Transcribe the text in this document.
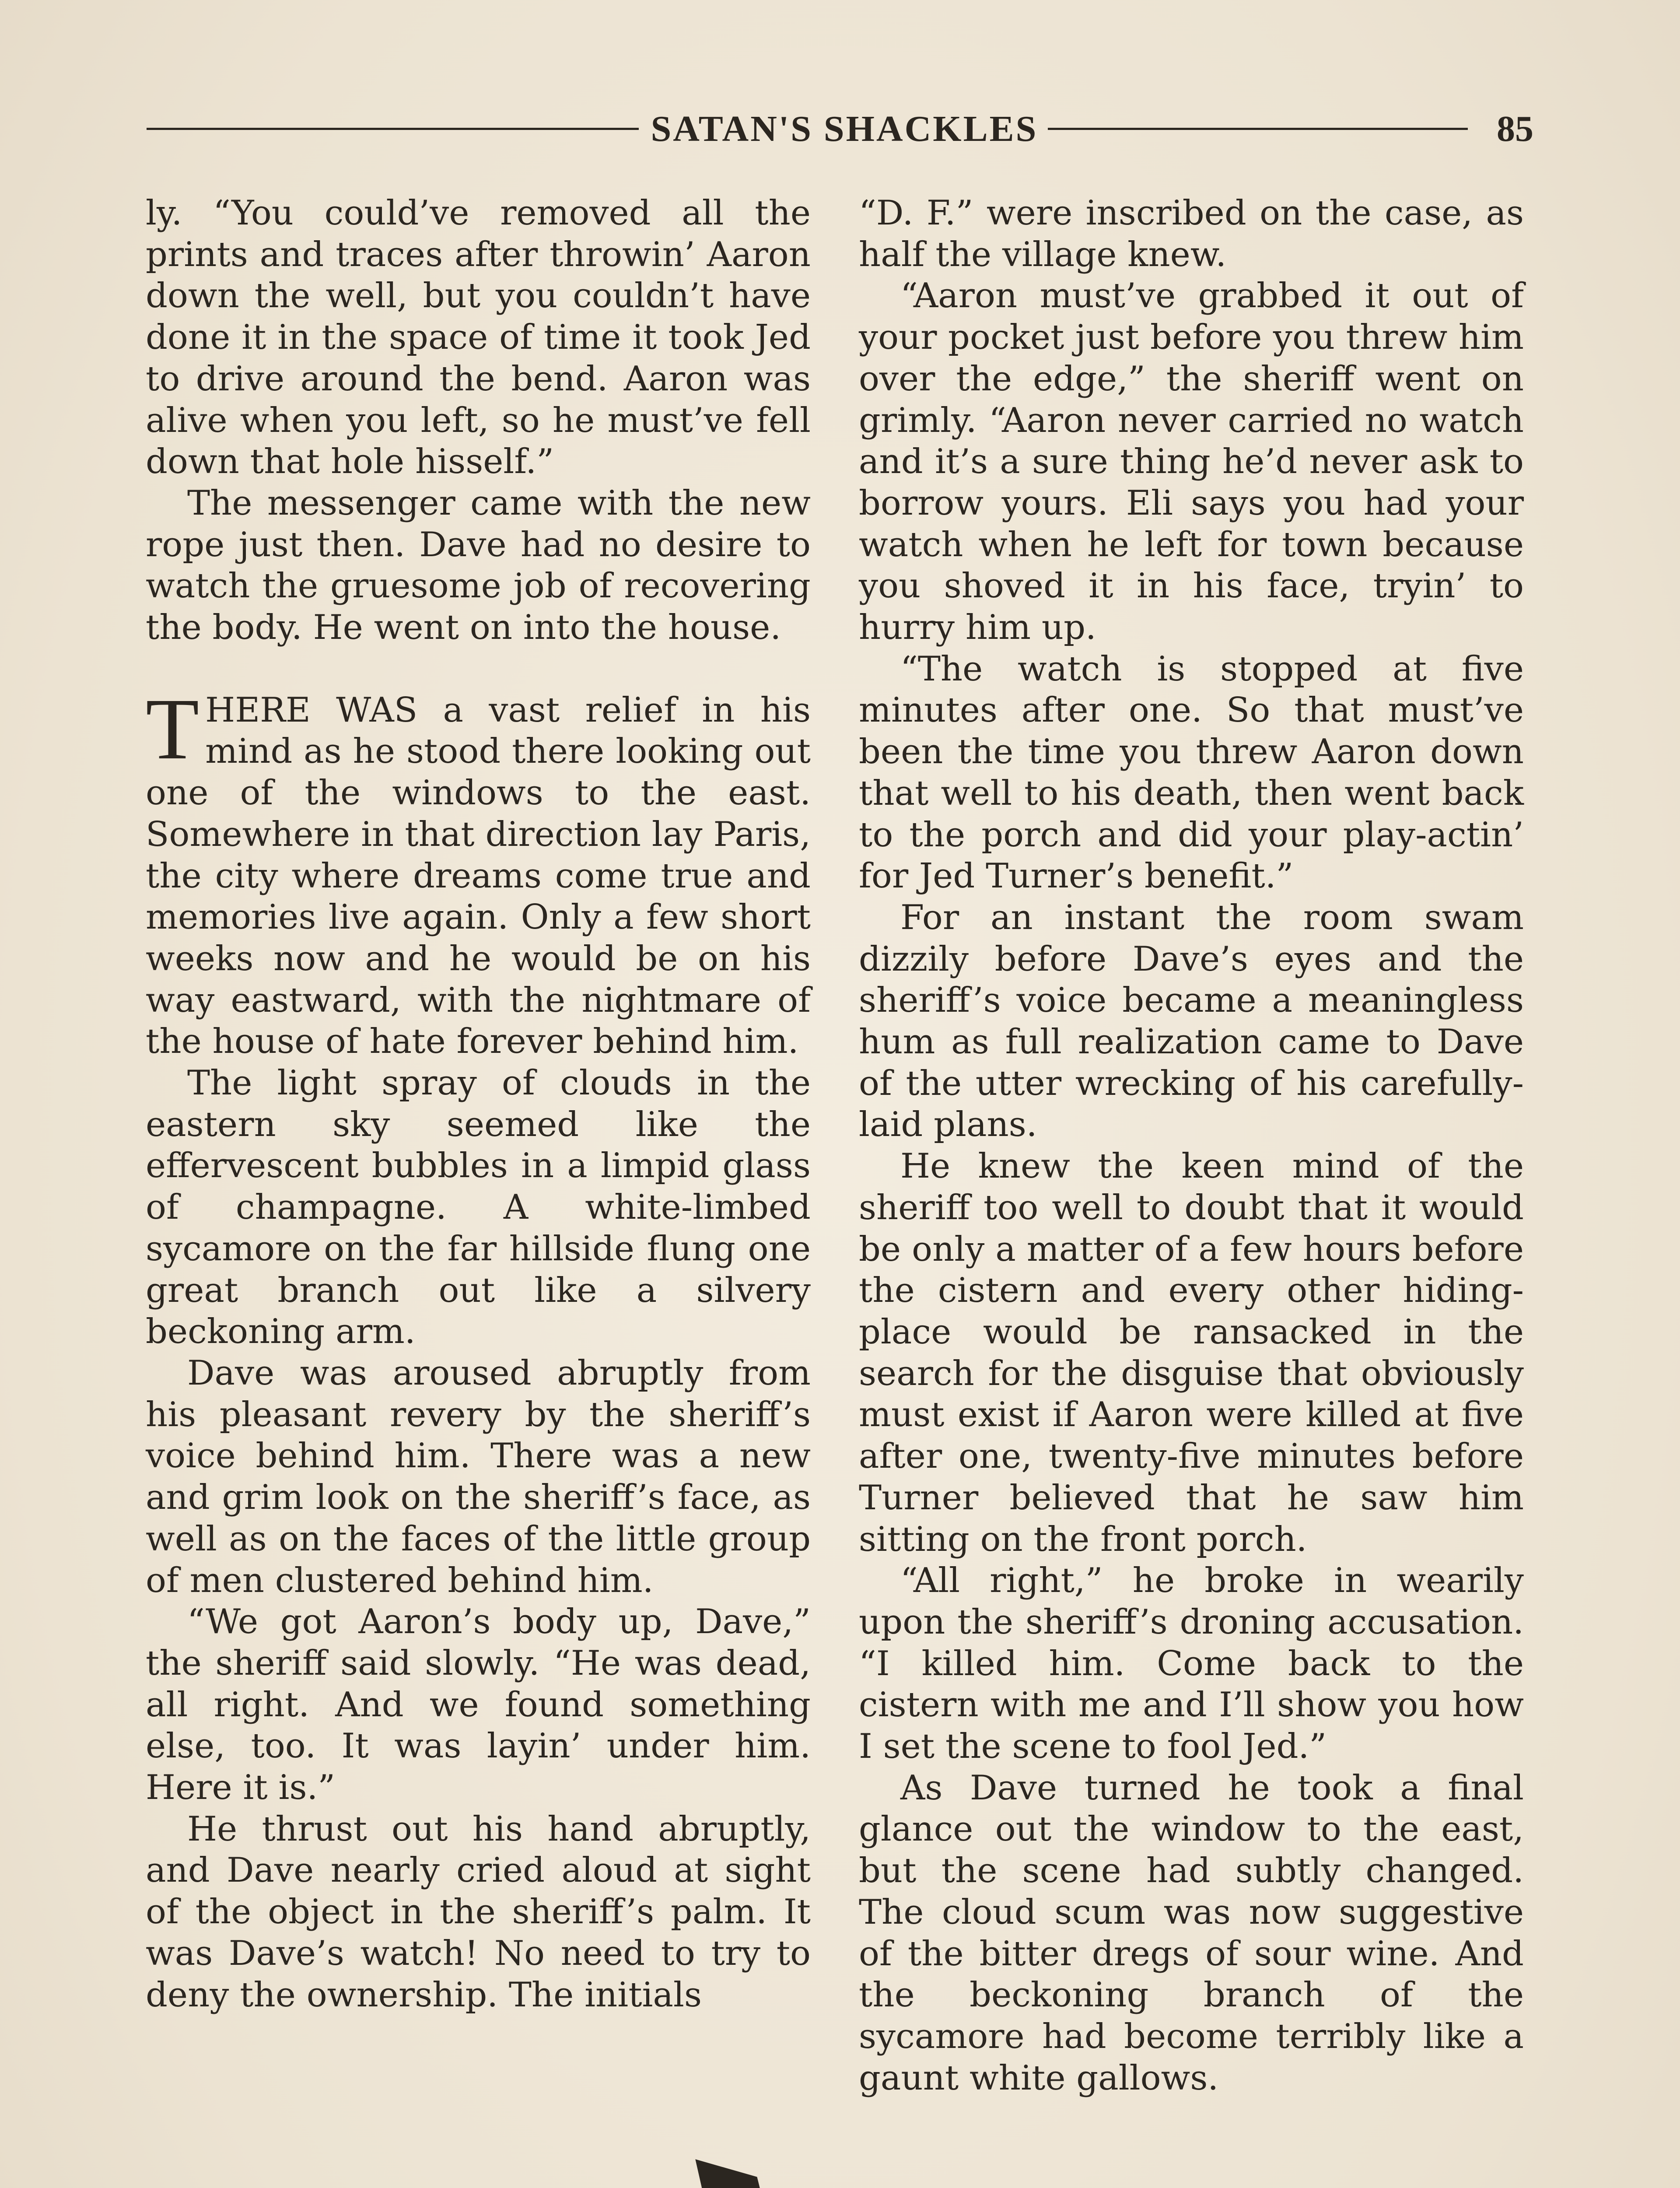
SATAN'S SHACKLES	85

ly. “You could’ve removed all the prints and traces after throwin’ Aaron down the well, but you couldn’t have done it in the space of time it took Jed to drive around the bend. Aaron was alive when you left, so he must’ve fell down that hole hisself.”

The messenger came with the new rope just then. Dave had no desire to watch the gruesome job of recovering the body. He went on into the house.

THERE WAS a vast relief in his mind as he stood there looking out one of the windows to the east. Somewhere in that direction lay Paris, the city where dreams come true and memories live again. Only a few short weeks now and he would be on his way eastward, with the nightmare of the house of hate forever behind him.

The light spray of clouds in the eastern sky seemed like the effervescent bubbles in a limpid glass of champagne. A white-limbed sycamore on the far hillside flung one great branch out like a silvery beckoning arm.

Dave was aroused abruptly from his pleasant revery by the sheriff’s voice behind him. There was a new and grim look on the sheriff’s face, as well as on the faces of the little group of men clustered behind him.

“We got Aaron’s body up, Dave,” the sheriff said slowly. “He was dead, all right. And we found something else, too. It was layin’ under him. Here it is.”

He thrust out his hand abruptly, and Dave nearly cried aloud at sight of the object in the sheriff’s palm. It was Dave’s watch! No need to try to deny the ownership. The initials

“D. F.” were inscribed on the case, as half the village knew.

“Aaron must’ve grabbed it out of your pocket just before you threw him over the edge,” the sheriff went on grimly. “Aaron never carried no watch and it’s a sure thing he’d never ask to borrow yours. Eli says you had your watch when he left for town because you shoved it in his face, tryin’ to hurry him up.

“The watch is stopped at five minutes after one. So that must’ve been the time you threw Aaron down that well to his death, then went back to the porch and did your play-actin’ for Jed Turner’s benefit.”

For an instant the room swam dizzily before Dave’s eyes and the sheriff’s voice became a meaningless hum as full realization came to Dave of the utter wrecking of his carefully-laid plans.

He knew the keen mind of the sheriff too well to doubt that it would be only a matter of a few hours before the cistern and every other hiding-place would be ransacked in the search for the disguise that obviously must exist if Aaron were killed at five after one, twenty-five minutes before Turner believed that he saw him sitting on the front porch.

“All right,” he broke in wearily upon the sheriff’s droning accusation. “I killed him. Come back to the cistern with me and I’ll show you how I set the scene to fool Jed.”

As Dave turned he took a final glance out the window to the east, but the scene had subtly changed. The cloud scum was now suggestive of the bitter dregs of sour wine. And the beckoning branch of the sycamore had become terribly like a gaunt white gallows.
